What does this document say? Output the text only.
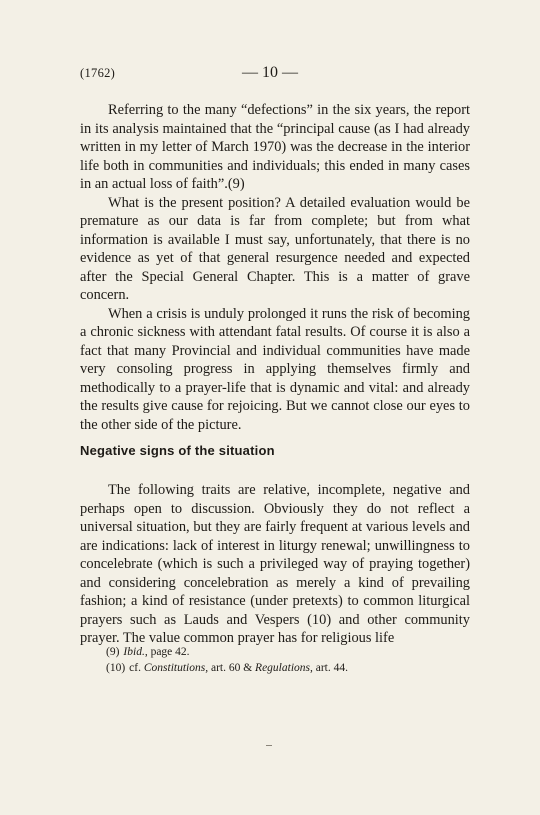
(1762)	— 10 —

Referring to the many “defections” in the six years, the report in its analysis maintained that the “principal cause (as I had already written in my letter of March 1970) was the decrease in the interior life both in communities and individuals; this ended in many cases in an actual loss of faith”.(9)

What is the present position? A detailed evaluation would be premature as our data is far from complete; but from what information is available I must say, unfortunately, that there is no evidence as yet of that general resurgence needed and expected after the Special General Chapter. This is a matter of grave concern.

When a crisis is unduly prolonged it runs the risk of becoming a chronic sickness with attendant fatal results. Of course it is also a fact that many Provincial and individual communities have made very consoling progress in applying themselves firmly and methodically to a prayer-life that is dynamic and vital: and already the results give cause for rejoicing. But we cannot close our eyes to the other side of the picture.

Negative signs of the situation

The following traits are relative, incomplete, negative and perhaps open to discussion. Obviously they do not reflect a universal situation, but they are fairly frequent at various levels and are indications: lack of interest in liturgy renewal; unwillingness to concelebrate (which is such a privileged way of praying together) and considering concelebration as merely a kind of prevailing fashion; a kind of resistance (under pretexts) to common liturgical prayers such as Lauds and Vespers (10) and other community prayer. The value common prayer has for religious life

(9) Ibid., page 42.
(10) cf. Constitutions, art. 60 & Regulations, art. 44.
